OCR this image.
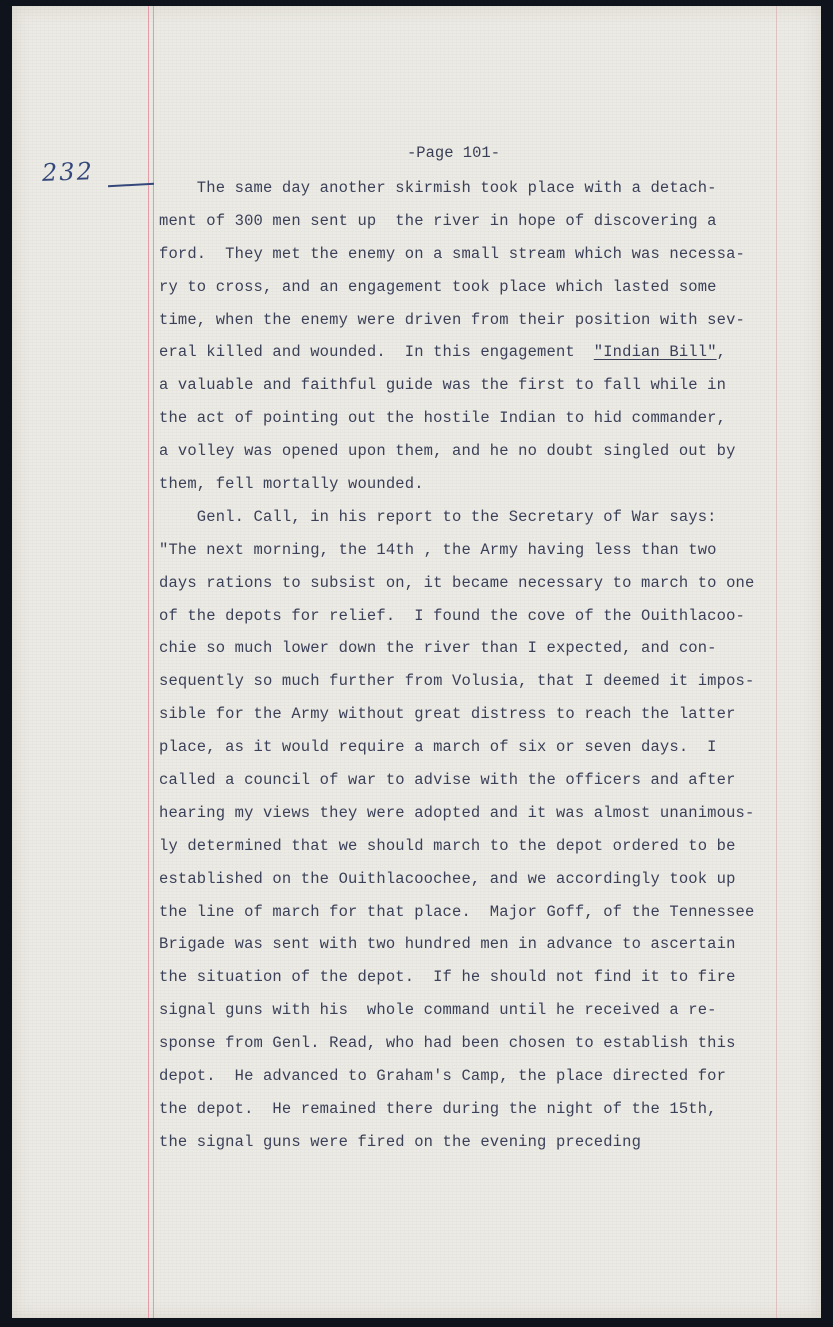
232
-Page 101-
The same day another skirmish took place with a detach-
ment of 300 men sent up  the river in hope of discovering a
ford.  They met the enemy on a small stream which was necessa-
ry to cross, and an engagement took place which lasted some
time, when the enemy were driven from their position with sev-
eral killed and wounded.  In this engagement  "Indian Bill",
a valuable and faithful guide was the first to fall while in
the act of pointing out the hostile Indian to hid commander,
a volley was opened upon them, and he no doubt singled out by
them, fell mortally wounded.
Genl. Call, in his report to the Secretary of War says:
"The next morning, the 14th , the Army having less than two
days rations to subsist on, it became necessary to march to one
of the depots for relief.  I found the cove of the Ouithlacoo-
chie so much lower down the river than I expected, and con-
sequently so much further from Volusia, that I deemed it impos-
sible for the Army without great distress to reach the latter
place, as it would require a march of six or seven days.  I
called a council of war to advise with the officers and after
hearing my views they were adopted and it was almost unanimous-
ly determined that we should march to the depot ordered to be
established on the Ouithlacoochee, and we accordingly took up
the line of march for that place.  Major Goff, of the Tennessee
Brigade was sent with two hundred men in advance to ascertain
the situation of the depot.  If he should not find it to fire
signal guns with his  whole command until he received a re-
sponse from Genl. Read, who had been chosen to establish this
depot.  He advanced to Graham's Camp, the place directed for
the depot.  He remained there during the night of the 15th,
the signal guns were fired on the evening preceding
